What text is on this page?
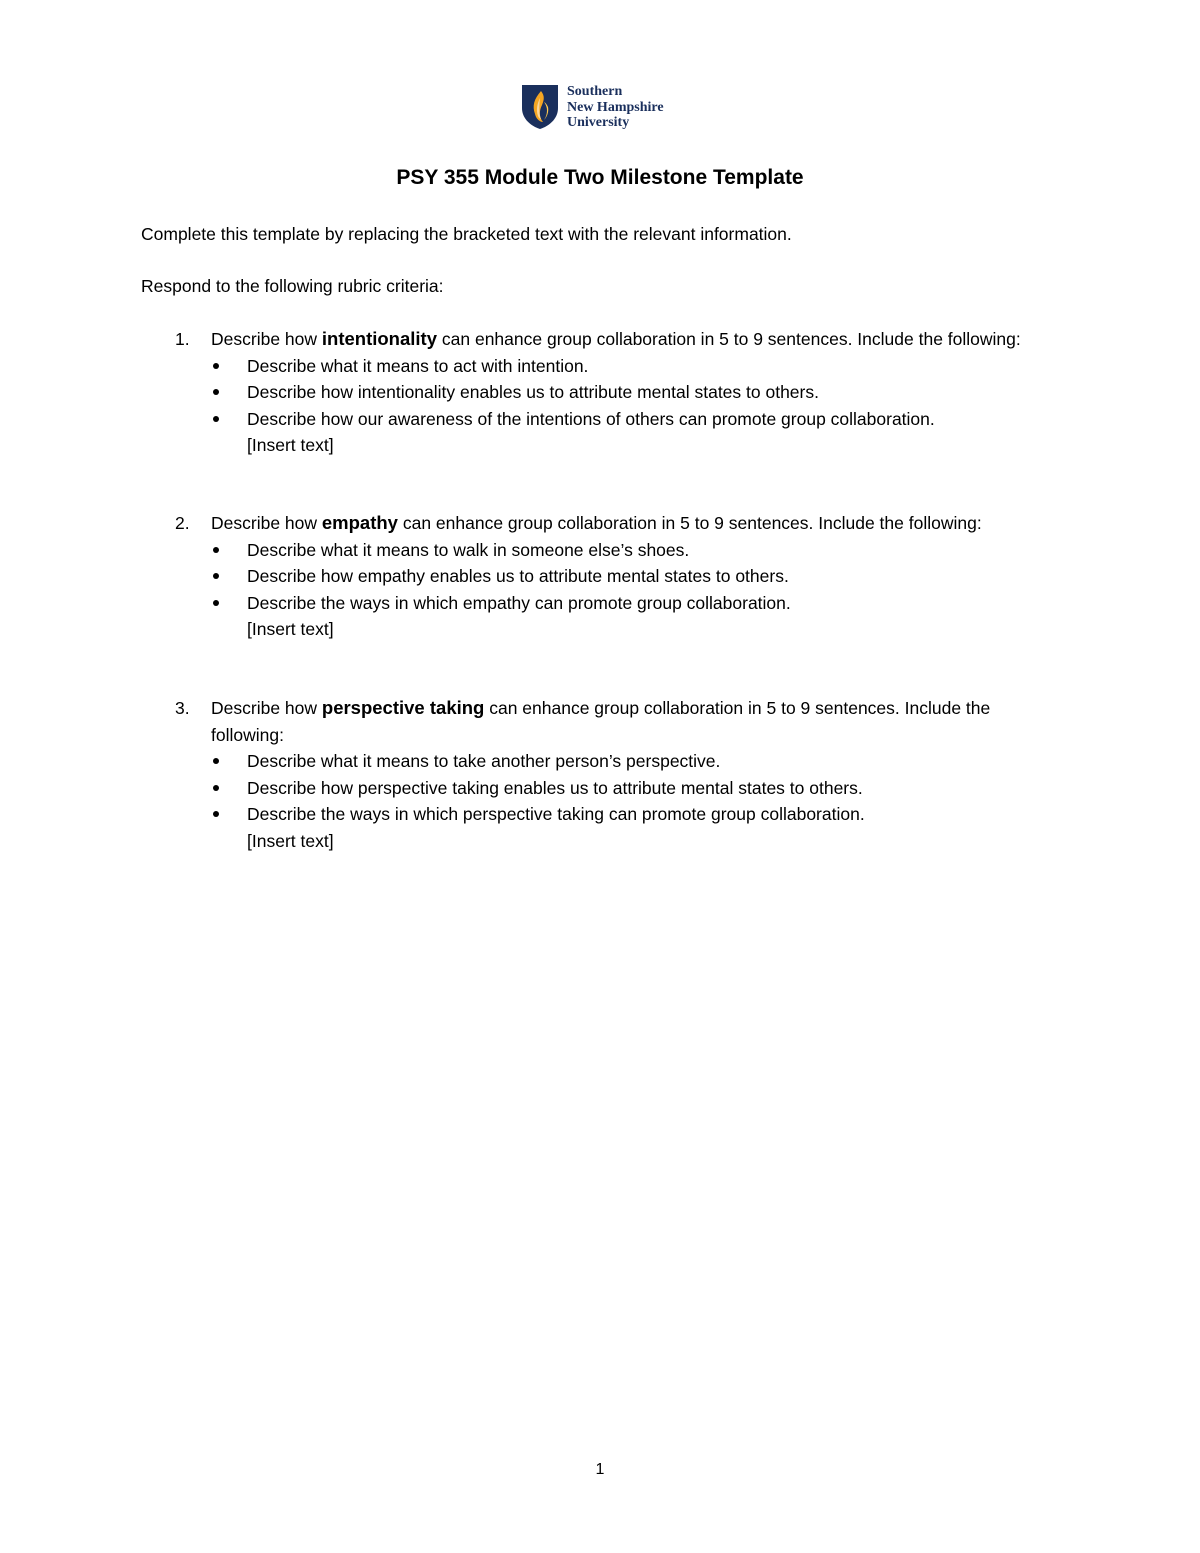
Southern
New Hampshire
University
PSY 355 Module Two Milestone Template

Complete this template by replacing the bracketed text with the relevant information.

Respond to the following rubric criteria:

1. Describe how intentionality can enhance group collaboration in 5 to 9 sentences. Include the following:

Describe what it means to act with intention.
Describe how intentionality enables us to attribute mental states to others.
Describe how our awareness of the intentions of others can promote group collaboration.
[Insert text]
2. Describe how empathy can enhance group collaboration in 5 to 9 sentences. Include the following:

Describe what it means to walk in someone else’s shoes.
Describe how empathy enables us to attribute mental states to others.
Describe the ways in which empathy can promote group collaboration.
[Insert text]
3. Describe how perspective taking can enhance group collaboration in 5 to 9 sentences. Include the following:

Describe what it means to take another person’s perspective.
Describe how perspective taking enables us to attribute mental states to others.
Describe the ways in which perspective taking can promote group collaboration.
[Insert text]
1
